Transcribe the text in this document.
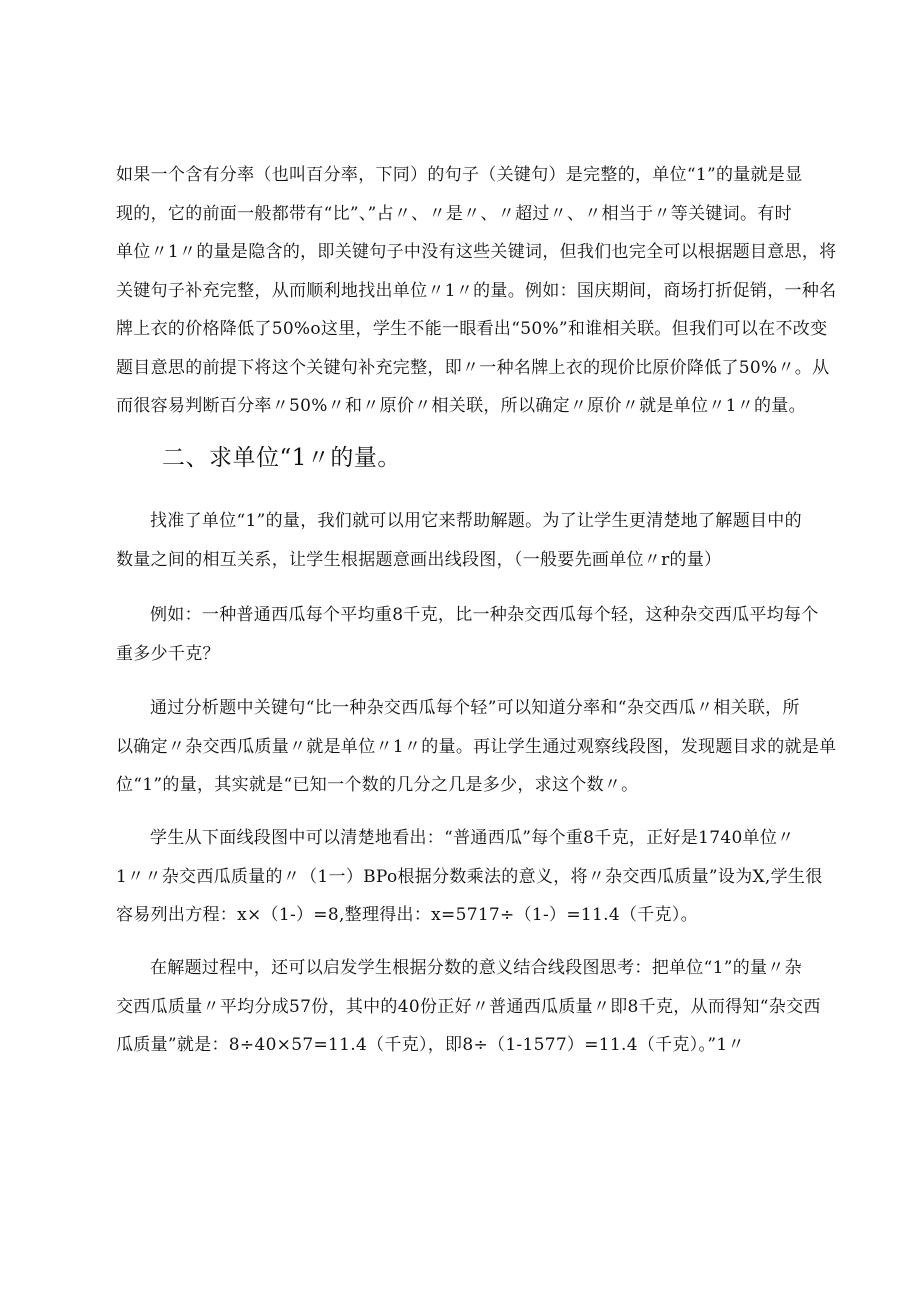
如果一个含有分率（也叫百分率，下同）的句子（关键句）是完整的，单位“1”的量就是显
现的，它的前面一般都带有“比”、”占〃、〃是〃、〃超过〃、〃相当于〃等关键词。有时
单位〃1〃的量是隐含的，即关键句子中没有这些关键词，但我们也完全可以根据题目意思，将
关键句子补充完整，从而顺利地找出单位〃1〃的量。例如：国庆期间，商场打折促销，一种名
牌上衣的价格降低了50%o这里，学生不能一眼看出“50%”和谁相关联。但我们可以在不改变
题目意思的前提下将这个关键句补充完整，即〃一种名牌上衣的现价比原价降低了50%〃。从
而很容易判断百分率〃50%〃和〃原价〃相关联，所以确定〃原价〃就是单位〃1〃的量。

二、求单位“1〃的量。

找准了单位“1”的量，我们就可以用它来帮助解题。为了让学生更清楚地了解题目中的
数量之间的相互关系，让学生根据题意画出线段图，（一般要先画单位〃r的量）

例如：一种普通西瓜每个平均重8千克，比一种杂交西瓜每个轻，这种杂交西瓜平均每个
重多少千克？

通过分析题中关键句“比一种杂交西瓜每个轻”可以知道分率和“杂交西瓜〃相关联，所
以确定〃杂交西瓜质量〃就是单位〃1〃的量。再让学生通过观察线段图，发现题目求的就是单
位“1”的量，其实就是“已知一个数的几分之几是多少，求这个数〃。

学生从下面线段图中可以清楚地看出：“普通西瓜”每个重8千克，正好是1740单位〃
1〃〃杂交西瓜质量的〃（1一）BPo根据分数乘法的意义，将〃杂交西瓜质量”设为X,学生很
容易列出方程：x×（1-）=8,整理得出：x=5717÷（1-）=11.4（千克）。

在解题过程中，还可以启发学生根据分数的意义结合线段图思考：把单位“1”的量〃杂
交西瓜质量〃平均分成57份，其中的40份正好〃普通西瓜质量〃即8千克，从而得知“杂交西
瓜质量”就是：8÷40×57=11.4（千克），即8÷（1-1577）=11.4（千克）。”1〃
